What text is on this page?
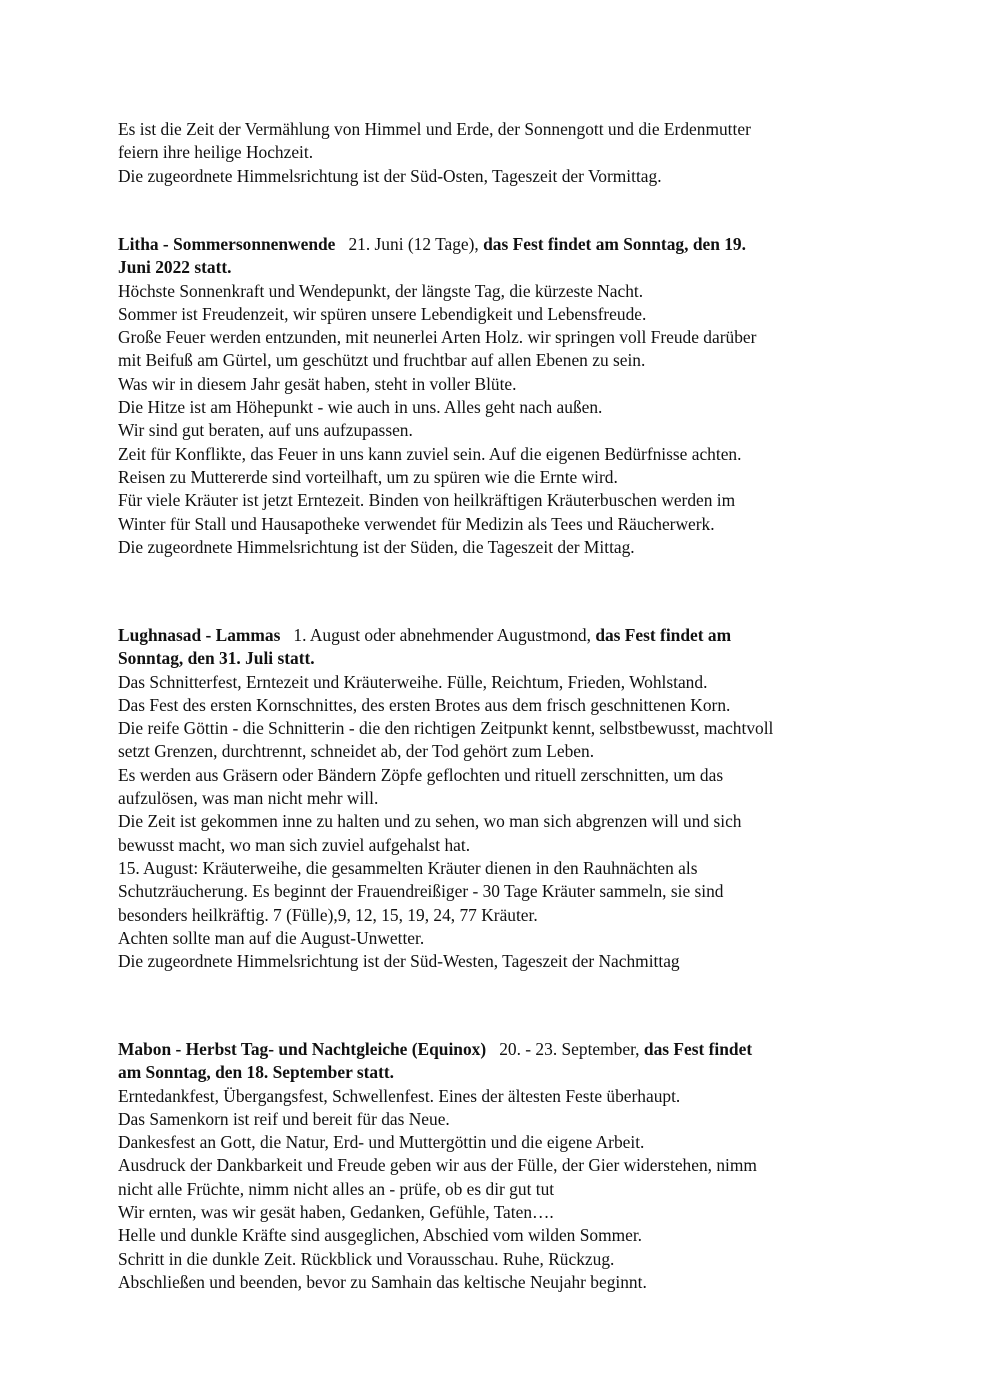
Es ist die Zeit der Vermählung von Himmel und Erde, der Sonnengott und die Erdenmutter
feiern ihre heilige Hochzeit.
Die zugeordnete Himmelsrichtung ist der Süd-Osten, Tageszeit der Vormittag.
Litha - Sommersonnenwende 21. Juni (12 Tage), das Fest findet am Sonntag, den 19.
Juni 2022 statt.
Höchste Sonnenkraft und Wendepunkt, der längste Tag, die kürzeste Nacht.
Sommer ist Freudenzeit, wir spüren unsere Lebendigkeit und Lebensfreude.
Große Feuer werden entzunden, mit neunerlei Arten Holz. wir springen voll Freude darüber
mit Beifuß am Gürtel, um geschützt und fruchtbar auf allen Ebenen zu sein.
Was wir in diesem Jahr gesät haben, steht in voller Blüte.
Die Hitze ist am Höhepunkt - wie auch in uns. Alles geht nach außen.
Wir sind gut beraten, auf uns aufzupassen.
Zeit für Konflikte, das Feuer in uns kann zuviel sein. Auf die eigenen Bedürfnisse achten.
Reisen zu Muttererde sind vorteilhaft, um zu spüren wie die Ernte wird.
Für viele Kräuter ist jetzt Erntezeit. Binden von heilkräftigen Kräuterbuschen werden im
Winter für Stall und Hausapotheke verwendet für Medizin als Tees und Räucherwerk.
Die zugeordnete Himmelsrichtung ist der Süden, die Tageszeit der Mittag.
Lughnasad - Lammas 1. August oder abnehmender Augustmond, das Fest findet am
Sonntag, den 31. Juli statt.
Das Schnitterfest, Erntezeit und Kräuterweihe. Fülle, Reichtum, Frieden, Wohlstand.
Das Fest des ersten Kornschnittes, des ersten Brotes aus dem frisch geschnittenen Korn.
Die reife Göttin - die Schnitterin - die den richtigen Zeitpunkt kennt, selbstbewusst, machtvoll
setzt Grenzen, durchtrennt, schneidet ab, der Tod gehört zum Leben.
Es werden aus Gräsern oder Bändern Zöpfe geflochten und rituell zerschnitten, um das
aufzulösen, was man nicht mehr will.
Die Zeit ist gekommen inne zu halten und zu sehen, wo man sich abgrenzen will und sich
bewusst macht, wo man sich zuviel aufgehalst hat.
15. August: Kräuterweihe, die gesammelten Kräuter dienen in den Rauhnächten als
Schutzräucherung. Es beginnt der Frauendreißiger - 30 Tage Kräuter sammeln, sie sind
besonders heilkräftig. 7 (Fülle),9, 12, 15, 19, 24, 77 Kräuter.
Achten sollte man auf die August-Unwetter.
Die zugeordnete Himmelsrichtung ist der Süd-Westen, Tageszeit der Nachmittag
Mabon - Herbst Tag- und Nachtgleiche (Equinox) 20. - 23. September, das Fest findet
am Sonntag, den 18. September statt.
Erntedankfest, Übergangsfest, Schwellenfest. Eines der ältesten Feste überhaupt.
Das Samenkorn ist reif und bereit für das Neue.
Dankesfest an Gott, die Natur, Erd- und Muttergöttin und die eigene Arbeit.
Ausdruck der Dankbarkeit und Freude geben wir aus der Fülle, der Gier widerstehen, nimm
nicht alle Früchte, nimm nicht alles an - prüfe, ob es dir gut tut
Wir ernten, was wir gesät haben, Gedanken, Gefühle, Taten….
Helle und dunkle Kräfte sind ausgeglichen, Abschied vom wilden Sommer.
Schritt in die dunkle Zeit. Rückblick und Vorausschau. Ruhe, Rückzug.
Abschließen und beenden, bevor zu Samhain das keltische Neujahr beginnt.
